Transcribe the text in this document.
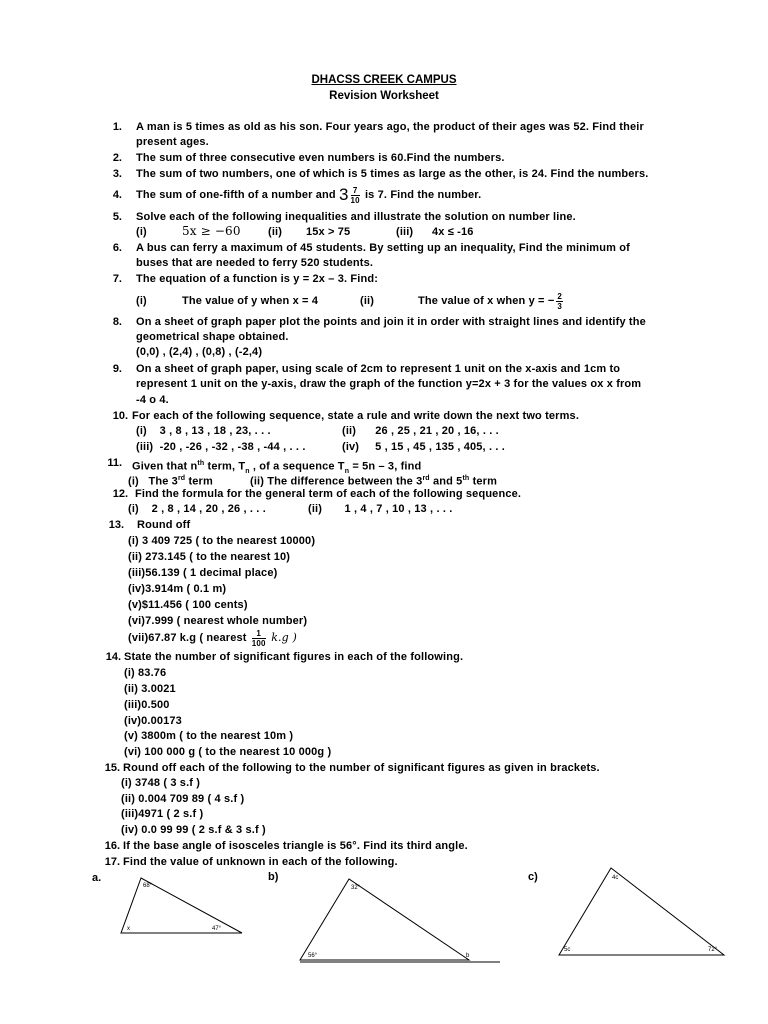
DHACSS CREEK CAMPUS
Revision Worksheet
1. A man is 5 times as old as his son. Four years ago, the product of their ages was 52. Find their
present ages.
2. The sum of three consecutive even numbers is 60.Find the numbers.
3. The sum of two numbers, one of which is 5 times as large as the other, is 24. Find the numbers.
4. The sum of one-fifth of a number and $3 \frac{7}{10}$ is 7. Find the number.
5. Solve each of the following inequalities and illustrate the solution on number line.
(i)	5x ≥ −60 (ii) 15x > 75	(iii) 4x ≤ -16
6. A bus can ferry a maximum of 45 students. By setting up an inequality, Find the minimum of
buses that are needed to ferry 520 students.
7. The equation of a function is y = 2x – 3. Find:
(i)	The value of y when x = 4	(ii)	The value of x when y = − $\frac{2}{3}$
8. On a sheet of graph paper plot the points and join it in order with straight lines and identify the
geometrical shape obtained.
(0,0) , (2,4) , (0,8) , (-2,4)
9. On a sheet of graph paper, using scale of 2cm to represent 1 unit on the x-axis and 1cm to
represent 1 unit on the y-axis, draw the graph of the function y=2x + 3 for the values ox x from
-4 o 4.
10. For each of the following sequence, state a rule and write down the next two terms.
(i)    3 , 8 , 13 , 18 , 23, . . .	(ii)      26 , 25 , 21 , 20 , 16, . . .
(iii)  -20 , -26 , -32 , -38 , -44 , . . .	(iv)     5 , 15 , 45 , 135 , 405, . . .
11. Given that $n^{th}$ term, $T_n$ , of a sequence $T_n = 5n - 3$, find
(i)   The 3rd term	(ii) The difference between the 3rd and 5th term
12. Find the formula for the general term of each of the following sequence.
(i)    2 , 8 , 14 , 20 , 26 , . . .	(ii)       1 , 4 , 7 , 10 , 13 , . . .
13. Round off
(i) 3 409 725 ( to the nearest 10000)
(ii) 273.145 ( to the nearest 10)
(iii)56.139 ( 1 decimal place)
(iv)3.914m ( 0.1 m)
(v)$11.456 ( 100 cents)
(vi)7.999 ( nearest whole number)
(vii)67.87 k.g ( nearest $\frac{1}{100} k.g$ )
14. State the number of significant figures in each of the following.
(i) 83.76
(ii) 3.0021
(iii)0.500
(iv)0.00173
(v) 3800m ( to the nearest 10m )
(vi) 100 000 g ( to the nearest 10 000g )
15. Round off each of the following to the number of significant figures as given in brackets.
(i) 3748 ( 3 s.f )
(ii) 0.004 709 89 ( 4 s.f )
(iii)4971 ( 2 s.f )
(iv) 0.0 99 99 ( 2 s.f & 3 s.f )
16. If the base angle of isosceles triangle is 56°. Find its third angle.
17. Find the value of unknown in each of the following.
a.	b)	c)
68°
x	47°
32°
56°	b
4c
5c	72°
